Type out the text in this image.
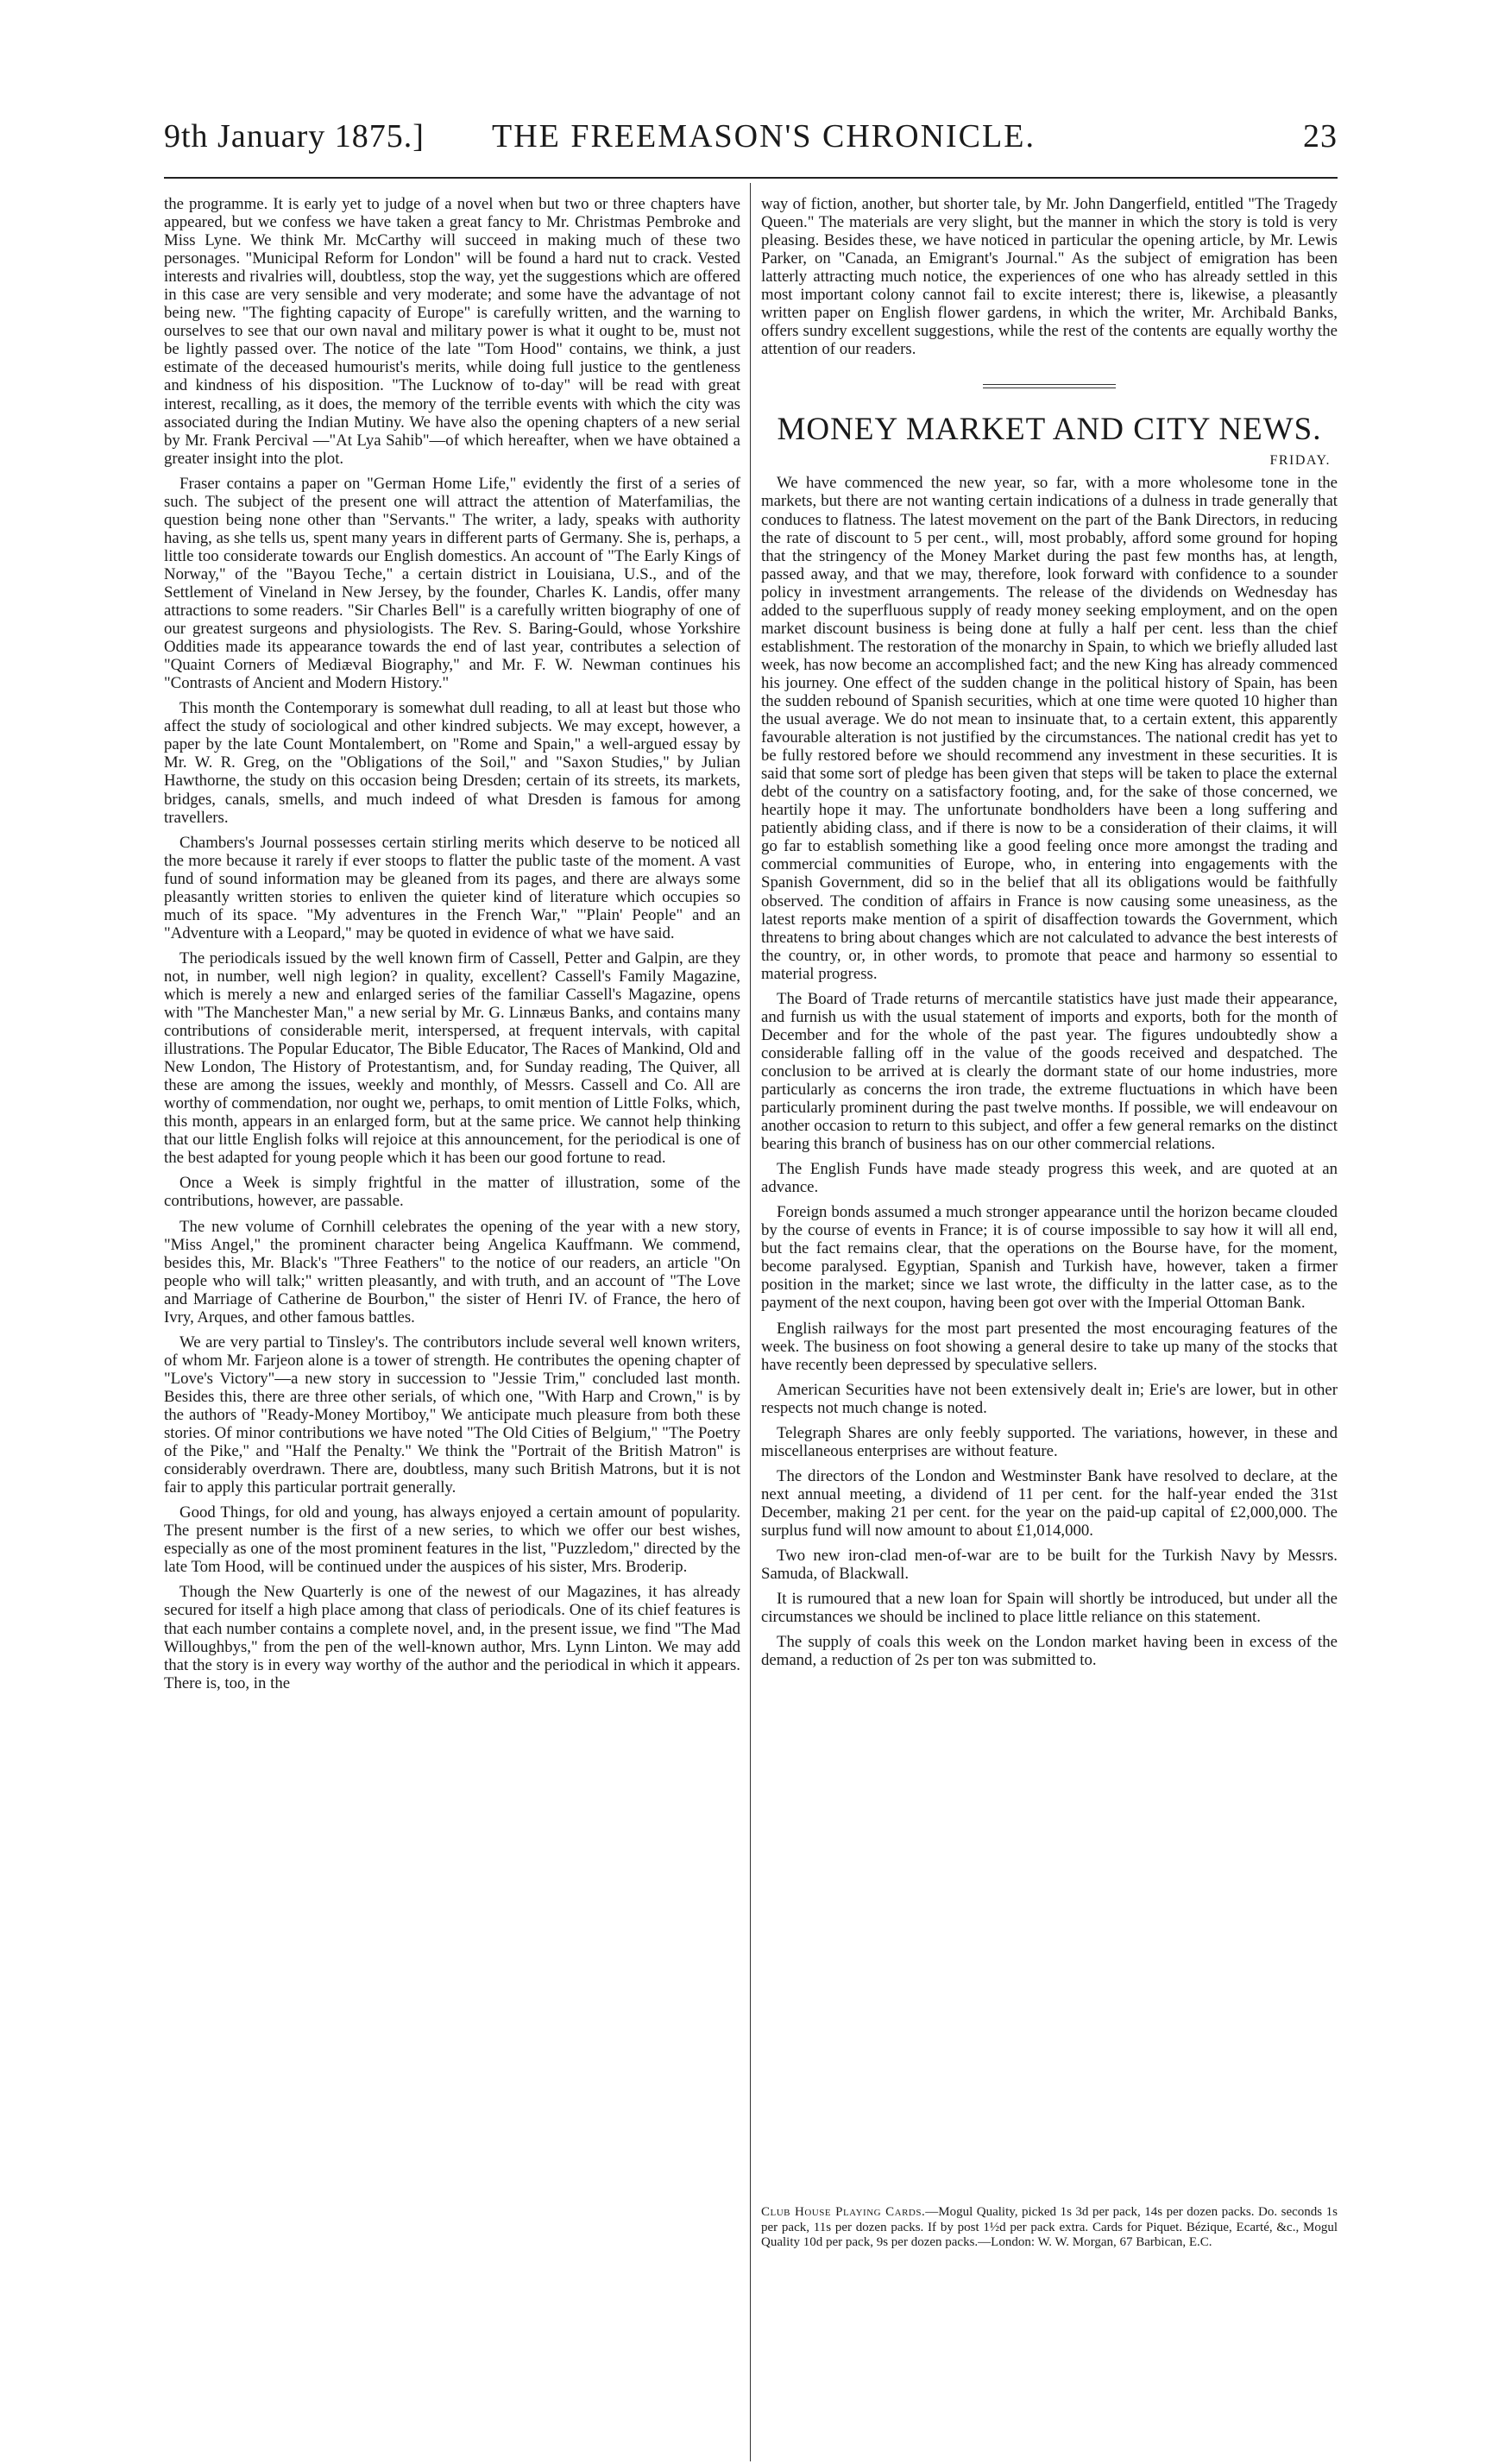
9th January 1875.] THE FREEMASON'S CHRONICLE.	23

the programme. It is early yet to judge of a novel when but two or three chapters have appeared, but we confess we have taken a great fancy to Mr. Christmas Pembroke and Miss Lyne. We think Mr. McCarthy will succeed in making much of these two personages. "Municipal Reform for London" will be found a hard nut to crack. Vested interests and rivalries will, doubtless, stop the way, yet the suggestions which are offered in this case are very sensible and very moderate; and some have the advantage of not being new. "The fighting capacity of Europe" is carefully written, and the warning to ourselves to see that our own naval and military power is what it ought to be, must not be lightly passed over. The notice of the late "Tom Hood" contains, we think, a just estimate of the deceased humourist's merits, while doing full justice to the gentleness and kindness of his disposition. "The Lucknow of to-day" will be read with great interest, recalling, as it does, the memory of the terrible events with which the city was associated during the Indian Mutiny. We have also the opening chapters of a new serial by Mr. Frank Percival —"At Lya Sahib"—of which hereafter, when we have obtained a greater insight into the plot.

Fraser contains a paper on "German Home Life," evidently the first of a series of such. The subject of the present one will attract the attention of Materfamilias, the question being none other than "Servants." The writer, a lady, speaks with authority having, as she tells us, spent many years in different parts of Germany. She is, perhaps, a little too considerate towards our English domestics. An account of "The Early Kings of Norway," of the "Bayou Teche," a certain district in Louisiana, U.S., and of the Settlement of Vineland in New Jersey, by the founder, Charles K. Landis, offer many attractions to some readers. "Sir Charles Bell" is a carefully written biography of one of our greatest surgeons and physiologists. The Rev. S. Baring-Gould, whose Yorkshire Oddities made its appearance towards the end of last year, contributes a selection of "Quaint Corners of Mediæval Biography," and Mr. F. W. Newman continues his "Contrasts of Ancient and Modern History."

This month the Contemporary is somewhat dull reading, to all at least but those who affect the study of sociological and other kindred subjects. We may except, however, a paper by the late Count Montalembert, on "Rome and Spain," a well-argued essay by Mr. W. R. Greg, on the "Obligations of the Soil," and "Saxon Studies," by Julian Hawthorne, the study on this occasion being Dresden; certain of its streets, its markets, bridges, canals, smells, and much indeed of what Dresden is famous for among travellers.

Chambers's Journal possesses certain stirling merits which deserve to be noticed all the more because it rarely if ever stoops to flatter the public taste of the moment. A vast fund of sound information may be gleaned from its pages, and there are always some pleasantly written stories to enliven the quieter kind of literature which occupies so much of its space. "My adventures in the French War," "'Plain' People" and an "Adventure with a Leopard," may be quoted in evidence of what we have said.

The periodicals issued by the well known firm of Cassell, Petter and Galpin, are they not, in number, well nigh legion? in quality, excellent? Cassell's Family Magazine, which is merely a new and enlarged series of the familiar Cassell's Magazine, opens with "The Manchester Man," a new serial by Mr. G. Linnæus Banks, and contains many contributions of considerable merit, interspersed, at frequent intervals, with capital illustrations. The Popular Educator, The Bible Educator, The Races of Mankind, Old and New London, The History of Protestantism, and, for Sunday reading, The Quiver, all these are among the issues, weekly and monthly, of Messrs. Cassell and Co. All are worthy of commendation, nor ought we, perhaps, to omit mention of Little Folks, which, this month, appears in an enlarged form, but at the same price. We cannot help thinking that our little English folks will rejoice at this announcement, for the periodical is one of the best adapted for young people which it has been our good fortune to read.

Once a Week is simply frightful in the matter of illustration, some of the contributions, however, are passable.

The new volume of Cornhill celebrates the opening of the year with a new story, "Miss Angel," the prominent character being Angelica Kauffmann. We commend, besides this, Mr. Black's "Three Feathers" to the notice of our readers, an article "On people who will talk;" written pleasantly, and with truth, and an account of "The Love and Marriage of Catherine de Bourbon," the sister of Henri IV. of France, the hero of Ivry, Arques, and other famous battles.

We are very partial to Tinsley's. The contributors include several well known writers, of whom Mr. Farjeon alone is a tower of strength. He contributes the opening chapter of "Love's Victory"—a new story in succession to "Jessie Trim," concluded last month. Besides this, there are three other serials, of which one, "With Harp and Crown," is by the authors of "Ready-Money Mortiboy," We anticipate much pleasure from both these stories. Of minor contributions we have noted "The Old Cities of Belgium," "The Poetry of the Pike," and "Half the Penalty." We think the "Portrait of the British Matron" is considerably overdrawn. There are, doubtless, many such British Matrons, but it is not fair to apply this particular portrait generally.

Good Things, for old and young, has always enjoyed a certain amount of popularity. The present number is the first of a new series, to which we offer our best wishes, especially as one of the most prominent features in the list, "Puzzledom," directed by the late Tom Hood, will be continued under the auspices of his sister, Mrs. Broderip.

Though the New Quarterly is one of the newest of our Magazines, it has already secured for itself a high place among that class of periodicals. One of its chief features is that each number contains a complete novel, and, in the present issue, we find "The Mad Willoughbys," from the pen of the well-known author, Mrs. Lynn Linton. We may add that the story is in every way worthy of the author and the periodical in which it appears. There is, too, in the

way of fiction, another, but shorter tale, by Mr. John Dangerfield, entitled "The Tragedy Queen." The materials are very slight, but the manner in which the story is told is very pleasing. Besides these, we have noticed in particular the opening article, by Mr. Lewis Parker, on "Canada, an Emigrant's Journal." As the subject of emigration has been latterly attracting much notice, the experiences of one who has already settled in this most important colony cannot fail to excite interest; there is, likewise, a pleasantly written paper on English flower gardens, in which the writer, Mr. Archibald Banks, offers sundry excellent suggestions, while the rest of the contents are equally worthy the attention of our readers.

MONEY MARKET AND CITY NEWS.
FRIDAY.

We have commenced the new year, so far, with a more wholesome tone in the markets, but there are not wanting certain indications of a dulness in trade generally that conduces to flatness. The latest movement on the part of the Bank Directors, in reducing the rate of discount to 5 per cent., will, most probably, afford some ground for hoping that the stringency of the Money Market during the past few months has, at length, passed away, and that we may, therefore, look forward with confidence to a sounder policy in investment arrangements. The release of the dividends on Wednesday has added to the superfluous supply of ready money seeking employment, and on the open market discount business is being done at fully a half per cent. less than the chief establishment. The restoration of the monarchy in Spain, to which we briefly alluded last week, has now become an accomplished fact; and the new King has already commenced his journey. One effect of the sudden change in the political history of Spain, has been the sudden rebound of Spanish securities, which at one time were quoted 10 higher than the usual average. We do not mean to insinuate that, to a certain extent, this apparently favourable alteration is not justified by the circumstances. The national credit has yet to be fully restored before we should recommend any investment in these securities. It is said that some sort of pledge has been given that steps will be taken to place the external debt of the country on a satisfactory footing, and, for the sake of those concerned, we heartily hope it may. The unfortunate bondholders have been a long suffering and patiently abiding class, and if there is now to be a consideration of their claims, it will go far to establish something like a good feeling once more amongst the trading and commercial communities of Europe, who, in entering into engagements with the Spanish Government, did so in the belief that all its obligations would be faithfully observed. The condition of affairs in France is now causing some uneasiness, as the latest reports make mention of a spirit of disaffection towards the Government, which threatens to bring about changes which are not calculated to advance the best interests of the country, or, in other words, to promote that peace and harmony so essential to material progress.

The Board of Trade returns of mercantile statistics have just made their appearance, and furnish us with the usual statement of imports and exports, both for the month of December and for the whole of the past year. The figures undoubtedly show a considerable falling off in the value of the goods received and despatched. The conclusion to be arrived at is clearly the dormant state of our home industries, more particularly as concerns the iron trade, the extreme fluctuations in which have been particularly prominent during the past twelve months. If possible, we will endeavour on another occasion to return to this subject, and offer a few general remarks on the distinct bearing this branch of business has on our other commercial relations.

The English Funds have made steady progress this week, and are quoted at an advance.

Foreign bonds assumed a much stronger appearance until the horizon became clouded by the course of events in France; it is of course impossible to say how it will all end, but the fact remains clear, that the operations on the Bourse have, for the moment, become paralysed. Egyptian, Spanish and Turkish have, however, taken a firmer position in the market; since we last wrote, the difficulty in the latter case, as to the payment of the next coupon, having been got over with the Imperial Ottoman Bank.

English railways for the most part presented the most encouraging features of the week. The business on foot showing a general desire to take up many of the stocks that have recently been depressed by speculative sellers.

American Securities have not been extensively dealt in; Erie's are lower, but in other respects not much change is noted.

Telegraph Shares are only feebly supported. The variations, however, in these and miscellaneous enterprises are without feature.

The directors of the London and Westminster Bank have resolved to declare, at the next annual meeting, a dividend of 11 per cent. for the half-year ended the 31st December, making 21 per cent. for the year on the paid-up capital of £2,000,000. The surplus fund will now amount to about £1,014,000.

Two new iron-clad men-of-war are to be built for the Turkish Navy by Messrs. Samuda, of Blackwall.

It is rumoured that a new loan for Spain will shortly be introduced, but under all the circumstances we should be inclined to place little reliance on this statement.

The supply of coals this week on the London market having been in excess of the demand, a reduction of 2s per ton was submitted to.

Club House Playing Cards.—Mogul Quality, picked 1s 3d per pack, 14s per dozen packs. Do. seconds 1s per pack, 11s per dozen packs. If by post 1½d per pack extra. Cards for Piquet. Bézique, Ecarté, &c., Mogul Quality 10d per pack, 9s per dozen packs.—London: W. W. Morgan, 67 Barbican, E.C.
